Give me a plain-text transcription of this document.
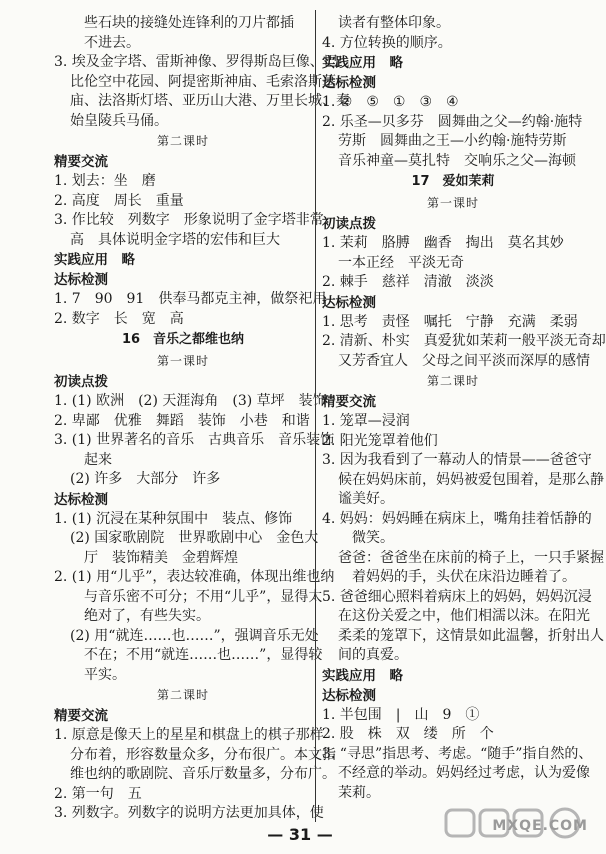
些石块的接缝处连锋利的刀片都插
不进去。
3. 埃及金字塔、雷斯神像、罗得斯岛巨像、巴
比伦空中花园、阿提密斯神庙、毛索洛斯墓
庙、法洛斯灯塔、亚历山大港、万里长城、秦
始皇陵兵马俑。
第二课时
精要交流
1. 划去：坐　磨
2. 高度　周长　重量
3. 作比较　列数字　形象说明了金字塔非常
高　具体说明金字塔的宏伟和巨大
实践应用　略
达标检测
1. 7　90　91　供奉马都克主神，做祭祀用
2. 数字　长　宽　高
16　音乐之都维也纳
第一课时
初读点拨
1. (1) 欧洲　(2) 天涯海角　(3) 草坪　装饰
2. 卑鄙　优雅　舞蹈　装饰　小巷　和谐
3. (1) 世界著名的音乐　古典音乐　音乐装饰
起来
(2) 许多　大部分　许多
达标检测
1. (1) 沉浸在某种氛围中　装点、修饰
(2) 国家歌剧院　世界歌剧中心　金色大
厅　装饰精美　金碧辉煌
2. (1) 用“儿乎”，表达较准确，体现出维也纳
与音乐密不可分；不用“儿乎”，显得太
绝对了，有些失实。
(2) 用“就连……也……”，强调音乐无处
不在；不用“就连……也……”，显得较
平实。
第二课时
精要交流
1. 原意是像天上的星星和棋盘上的棋子那样
分布着，形容数量众多，分布很广。本文指
维也纳的歌剧院、音乐厅数量多，分布广。
2. 第一句　五
3. 列数字。列数字的说明方法更加具体，使
读者有整体印象。
4. 方位转换的顺序。
实践应用　略
达标检测
1. ②　⑤　①　③　④
2. 乐圣—贝多芬　圆舞曲之父—约翰·施特
劳斯　圆舞曲之王—小约翰·施特劳斯
音乐神童—莫扎特　交响乐之父—海顿
17　爱如茉莉
第一课时
初读点拨
1. 茉莉　胳膊　幽香　掏出　莫名其妙
一本正经　平淡无奇
2. 棘手　慈祥　清澈　淡淡
达标检测
1. 思考　责怪　嘱托　宁静　充满　柔弱
2. 清新、朴实　真爱犹如茉莉一般平淡无奇却
又芳香宜人　父母之间平淡而深厚的感情
第二课时
精要交流
1. 笼罩—浸润
2. 阳光笼罩着他们
3. 因为我看到了一幕动人的情景——爸爸守
候在妈妈床前，妈妈被爱包围着，是那么静
谧美好。
4. 妈妈：妈妈睡在病床上，嘴角挂着恬静的
微笑。
爸爸：爸爸坐在床前的椅子上，一只手紧握
着妈妈的手，头伏在床沿边睡着了。
5. 爸爸细心照料着病床上的妈妈，妈妈沉浸
在这份关爱之中，他们相濡以沫。在阳光
柔柔的笼罩下，这情景如此温馨，折射出人
间的真爱。
实践应用　略
达标检测
1. 半包围　|　山　9　①
2. 股　株　双　缕　所　个
3. “寻思”指思考、考虑。“随手”指自然的、
不经意的举动。妈妈经过考虑，认为爱像
茉莉。
— 31 —	MXQE.COM
